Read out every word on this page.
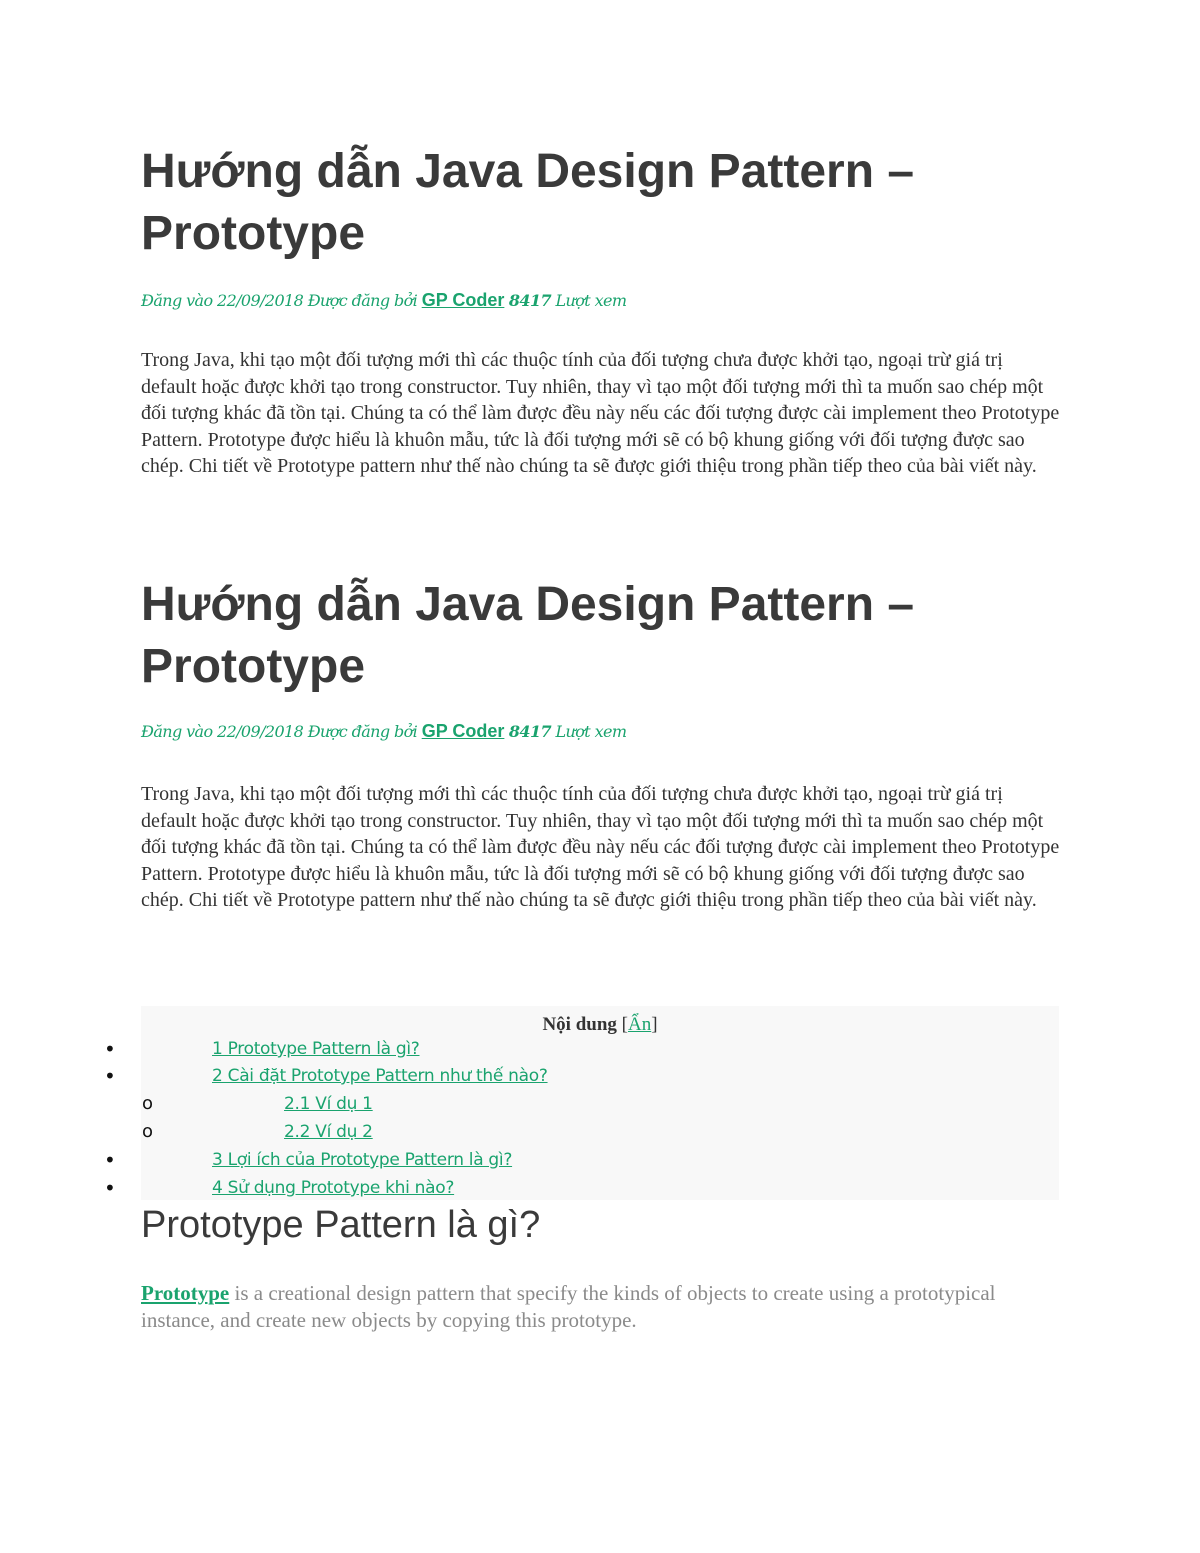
Hướng dẫn Java Design Pattern – Prototype
Đăng vào 22/09/2018 Được đăng bởi GP Coder 8417 Lượt xem

Trong Java, khi tạo một đối tượng mới thì các thuộc tính của đối tượng chưa được khởi tạo, ngoại trừ giá trị default hoặc được khởi tạo trong constructor. Tuy nhiên, thay vì tạo một đối tượng mới thì ta muốn sao chép một đối tượng khác đã tồn tại. Chúng ta có thể làm được đều này nếu các đối tượng được cài implement theo Prototype Pattern. Prototype được hiểu là khuôn mẫu, tức là đối tượng mới sẽ có bộ khung giống với đối tượng được sao chép. Chi tiết về Prototype pattern như thế nào chúng ta sẽ được giới thiệu trong phần tiếp theo của bài viết này.

Hướng dẫn Java Design Pattern – Prototype
Đăng vào 22/09/2018 Được đăng bởi GP Coder 8417 Lượt xem

Trong Java, khi tạo một đối tượng mới thì các thuộc tính của đối tượng chưa được khởi tạo, ngoại trừ giá trị default hoặc được khởi tạo trong constructor. Tuy nhiên, thay vì tạo một đối tượng mới thì ta muốn sao chép một đối tượng khác đã tồn tại. Chúng ta có thể làm được đều này nếu các đối tượng được cài implement theo Prototype Pattern. Prototype được hiểu là khuôn mẫu, tức là đối tượng mới sẽ có bộ khung giống với đối tượng được sao chép. Chi tiết về Prototype pattern như thế nào chúng ta sẽ được giới thiệu trong phần tiếp theo của bài viết này.

Nội dung [Ẩn]
•	1 Prototype Pattern là gì?
•	2 Cài đặt Prototype Pattern như thế nào?
o	2.1 Ví dụ 1
o	2.2 Ví dụ 2
•	3 Lợi ích của Prototype Pattern là gì?
•	4 Sử dụng Prototype khi nào?
Prototype Pattern là gì?

Prototype is a creational design pattern that specify the kinds of objects to create using a prototypical instance, and create new objects by copying this prototype.
